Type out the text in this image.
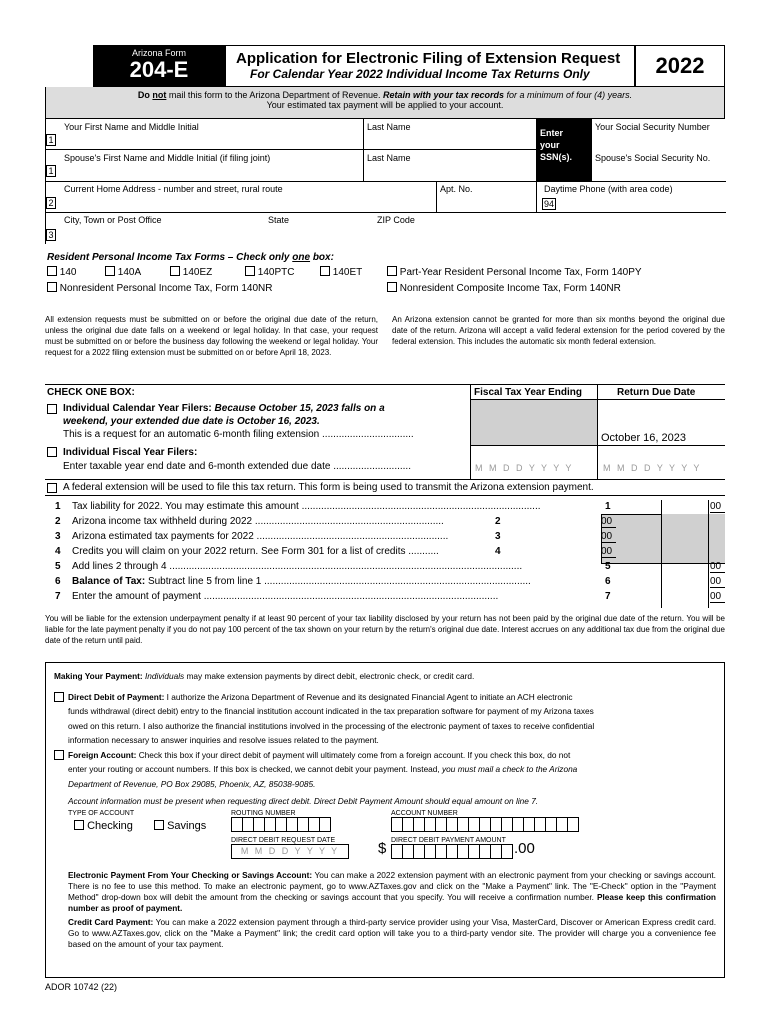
Arizona Form
204-E	Application for Electronic Filing of Extension Request
For Calendar Year 2022 Individual Income Tax Returns Only	2022
Do not mail this form to the Arizona Department of Revenue. Retain with your tax records for a minimum of four (4) years.
Your estimated tax payment will be applied to your account.
1
Your First Name and Middle Initial	Last Name
Enter
your
SSN(s).
Your Social Security Number
1
Spouse's First Name and Middle Initial (if filing joint)	Last Name	Spouse's Social Security No.
2
Current Home Address - number and street, rural route	Apt. No.	Daytime Phone (with area code)
94
3
City, Town or Post Office	State	ZIP Code
Resident Personal Income Tax Forms – Check only one box:
140	140A	140EZ	140PTC	140ET	Part-Year Resident Personal Income Tax, Form 140PY
Nonresident Personal Income Tax, Form 140NR	Nonresident Composite Income Tax, Form 140NR
All extension requests must be submitted on or before the original due date of the return, unless the original due date falls on a weekend or legal holiday. In that case, your request must be submitted on or before the business day following the weekend or legal holiday. Your request for a 2022 filing extension must be submitted on or before April 18, 2023.
An Arizona extension cannot be granted for more than six months beyond the original due date of the return. Arizona will accept a valid federal extension for the period covered by the federal extension. This includes the automatic six month federal extension.
CHECK ONE BOX:	Fiscal Tax Year Ending	Return Due Date
Individual Calendar Year Filers: Because October 15, 2023 falls on a
weekend, your extended due date is October 16, 2023.
This is a request for an automatic 6-month filing extension .................................	October 16, 2023
Individual Fiscal Year Filers:
Enter taxable year end date and 6-month extended due date ............................	M M D D Y Y Y Y	M M D D Y Y Y Y
A federal extension will be used to file this tax return. This form is being used to transmit the Arizona extension payment.
1 Tax liability for 2022. You may estimate this amount ......................................................................................	1	00
2 Arizona income tax withheld during 2022 ....................................................................	2	00
3 Arizona estimated tax payments for 2022 .....................................................................	3	00
4 Credits you will claim on your 2022 return. See Form 301 for a list of credits ...........	4	00
5 Add lines 2 through 4 ...............................................................................................................................	5	00
6 Balance of Tax: Subtract line 5 from line 1 ................................................................................................	6	00
7 Enter the amount of payment ..........................................................................................................	7	00
You will be liable for the extension underpayment penalty if at least 90 percent of your tax liability disclosed by your return has not been paid by the original due date of the return. You will be liable for the late payment penalty if you do not pay 100 percent of the tax shown on your return by the return's original due date. Interest accrues on any additional tax due from the original due date of the return until paid.
Making Your Payment: Individuals may make extension payments by direct debit, electronic check, or credit card.
Direct Debit of Payment: I authorize the Arizona Department of Revenue and its designated Financial Agent to initiate an ACH electronic
funds withdrawal (direct debit) entry to the financial institution account indicated in the tax preparation software for payment of my Arizona taxes
owed on this return. I also authorize the financial institutions involved in the processing of the electronic payment of taxes to receive confidential
information necessary to answer inquiries and resolve issues related to the payment.
Foreign Account: Check this box if your direct debit of payment will ultimately come from a foreign account. If you check this box, do not
enter your routing or account numbers. If this box is checked, we cannot debit your payment. Instead, you must mail a check to the Arizona
Department of Revenue, PO Box 29085, Phoenix, AZ, 85038-9085.
Account information must be present when requesting direct debit. Direct Debit Payment Amount should equal amount on line 7.
TYPE OF ACCOUNT
Checking	Savings
ROUTING NUMBER	ACCOUNT NUMBER
DIRECT DEBIT REQUEST DATE
M M D D Y Y Y Y
DIRECT DEBIT PAYMENT AMOUNT
$	.00
Electronic Payment From Your Checking or Savings Account: You can make a 2022 extension payment with an electronic payment from your checking or savings account. There is no fee to use this method. To make an electronic payment, go to www.AZTaxes.gov and click on the "Make a Payment" link. The "E-Check" option in the "Payment Method" drop-down box will debit the amount from the checking or savings account that you specify. You will receive a confirmation number. Please keep this confirmation number as proof of payment.
Credit Card Payment: You can make a 2022 extension payment through a third-party service provider using your Visa, MasterCard, Discover or American Express credit card. Go to www.AZTaxes.gov, click on the "Make a Payment" link; the credit card option will take you to a third-party vendor site. The provider will charge you a convenience fee based on the amount of your tax payment.
ADOR 10742 (22)
